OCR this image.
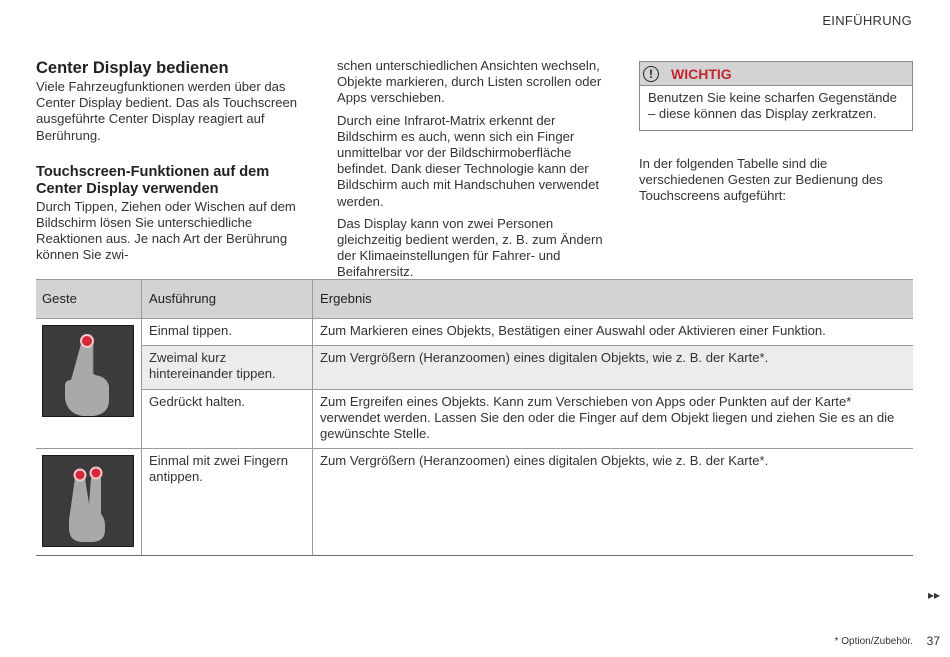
EINFÜHRUNG
Center Display bedienen

Viele Fahrzeugfunktionen werden über das Center Display bedient. Das als Touchscreen ausgeführte Center Display reagiert auf Berührung.

Touchscreen-Funktionen auf dem Center Display verwenden

Durch Tippen, Ziehen oder Wischen auf dem Bildschirm lösen Sie unterschiedliche Reaktionen aus. Je nach Art der Berührung können Sie zwi-

schen unterschiedlichen Ansichten wechseln, Objekte markieren, durch Listen scrollen oder Apps verschieben.

Durch eine Infrarot-Matrix erkennt der Bildschirm es auch, wenn sich ein Finger unmittelbar vor der Bildschirmoberfläche befindet. Dank dieser Technologie kann der Bildschirm auch mit Handschuhen verwendet werden.

Das Display kann von zwei Personen gleichzeitig bedient werden, z. B. zum Ändern der Klimaeinstellungen für Fahrer- und Beifahrersitz.

!	WICHTIG
Benutzen Sie keine scharfen Gegenstände – diese können das Display zerkratzen.
In der folgenden Tabelle sind die verschiedenen Gesten zur Bedienung des Touchscreens aufgeführt:
Geste	Ausführung	Ergebnis

	Einmal tippen.	Zum Markieren eines Objekts, Bestätigen einer Auswahl oder Aktivieren einer Funktion.
	Zweimal kurz hintereinander tippen.	Zum Vergrößern (Heranzoomen) eines digitalen Objekts, wie z. B. der Karte*.
	Gedrückt halten.	Zum Ergreifen eines Objekts. Kann zum Verschieben von Apps oder Punkten auf der Karte* verwendet werden. Lassen Sie den oder die Finger auf dem Objekt liegen und ziehen Sie es an die gewünschte Stelle.

	Einmal mit zwei Fingern antippen.	Zum Vergrößern (Heranzoomen) eines digitalen Objekts, wie z. B. der Karte*.
▸▸
* Option/Zubehör. 37
